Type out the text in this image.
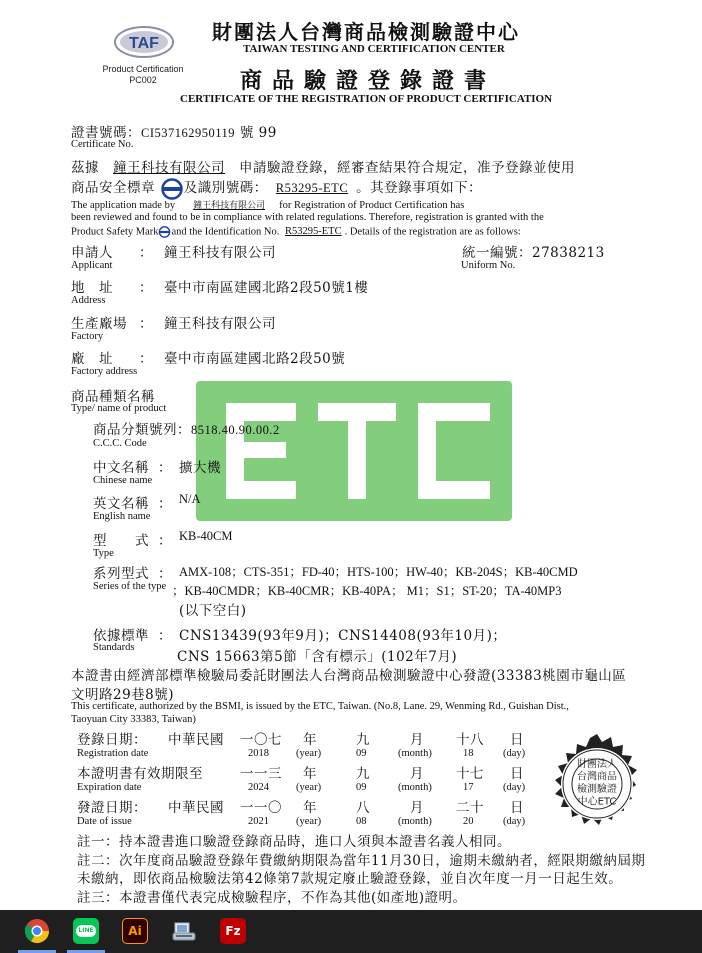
TAF
Product Certification
PC002
財團法人台灣商品檢測驗證中心
TAIWAN TESTING AND CERTIFICATION CENTER
商品驗證登錄證書
CERTIFICATE OF THE REGISTRATION OF PRODUCT CERTIFICATION
證書號碼：CI537162950119 號 99
Certificate No.
茲據 鐘王科技有限公司 申請驗證登錄，經審查結果符合規定，准予登錄並使用
商品安全標章 及識別號碼： R53295-ETC 。其登錄事項如下：
The application made by 鐘王科技有限公司 for Registration of Product Certification has
been reviewed and found to be in compliance with related regulations. Therefore, registration is granted with the
Product Safety Mark and the Identification No. R53295-ETC . Details of the registration are as follows:
申請人 ： 鐘王科技有限公司	統一編號：27838213
Applicant	Uniform No.
地　址 ： 臺中市南區建國北路2段50號1樓
Address
生產廠場 ： 鐘王科技有限公司
Factory
廠　址 ： 臺中市南區建國北路2段50號
Factory address
商品種類名稱
Type/ name of product
商品分類號列：8518.40.90.00.2
C.C.C. Code
中文名稱 ： 擴大機
Chinese name
英文名稱 ： N/A
English name
型　　式 ： KB-40CM
Type
系列型式 ： AMX-108；CTS-351；FD-40；HTS-100；HW-40；KB-204S；KB-40CMD
Series of the type ；KB-40CMDR；KB-40CMR；KB-40PA； M1；S1；ST-20；TA-40MP3
(以下空白)
依據標準 ： CNS13439(93年9月)；CNS14408(93年10月)；
Standards
CNS 15663第5節「含有標示」(102年7月)
本證書由經濟部標準檢驗局委託財團法人台灣商品檢測驗證中心發證(33383桃園市龜山區
文明路29巷8號)
This certificate, authorized by the BSMI, is issued by the ETC, Taiwan. (No.8, Lane. 29, Wenming Rd., Guishan Dist.,
Taoyuan City 33383, Taiwan)
登錄日期： 中華民國 一〇七 年	九	月 十八 日
Registration date	2018	(year)	09	(month)	18	(day)
本證明書有效期限至	一一三 年	九	月 十七 日
Expiration date	2024	(year)	09	(month)	17	(day)
發證日期： 中華民國 一一〇 年	八	月 二十 日
Date of issue	2021	(year)	08	(month)	20	(day)
財團法人
台灣商品
檢測驗證
中心ETC
註一：持本證書進口驗證登錄商品時，進口人須與本證書名義人相同。
註二：次年度商品驗證登錄年費繳納期限為當年11月30日，逾期未繳納者，經限期繳納屆期
未繳納，即依商品檢驗法第42條第7款規定廢止驗證登錄，並自次年度一月一日起生效。
註三：本證書僅代表完成檢驗程序，不作為其他(如產地)證明。
LINE	Ai	Fz
